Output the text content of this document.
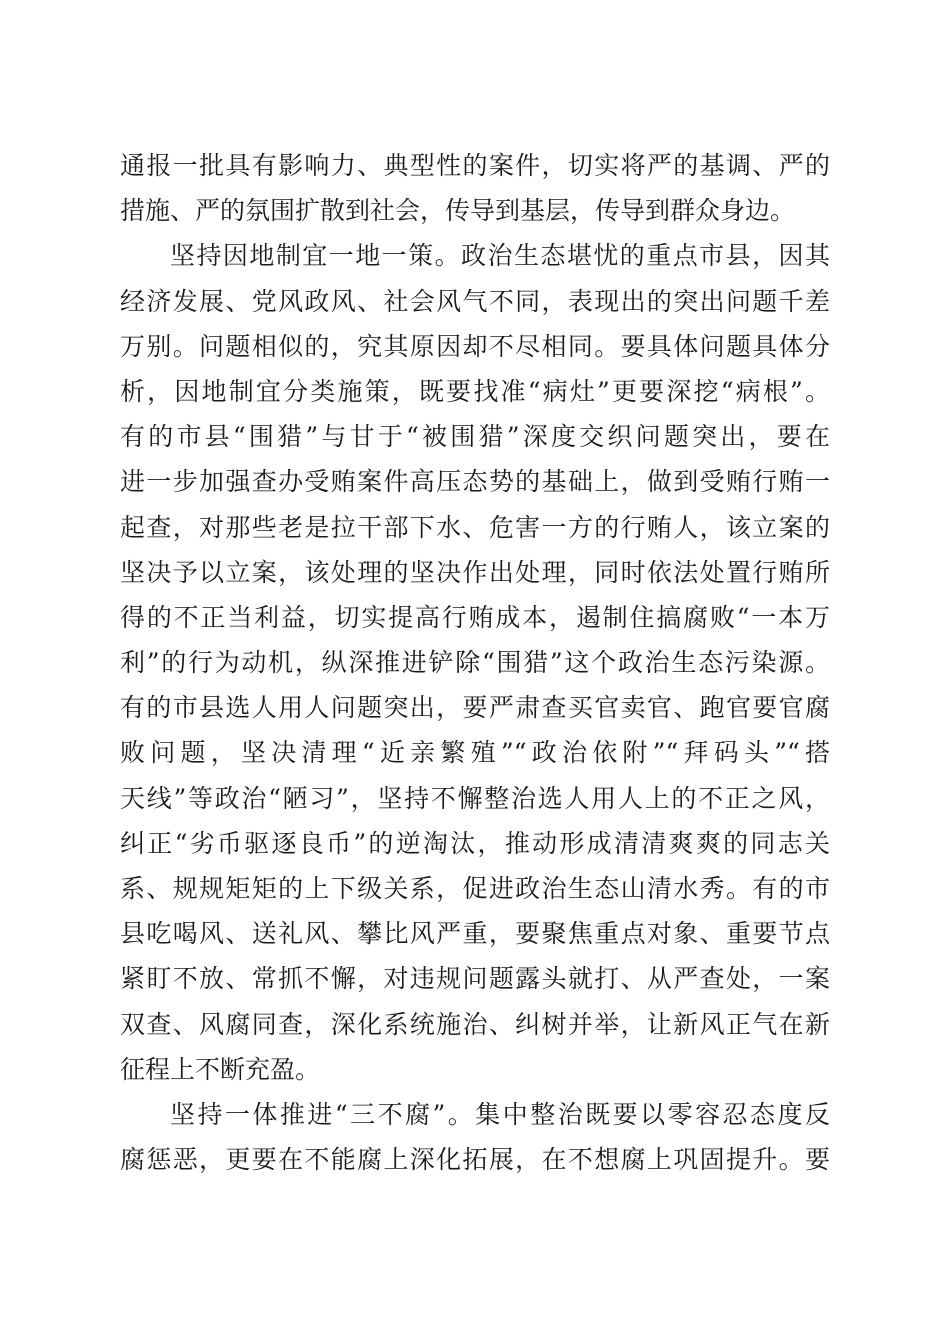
通报一批具有影响力、典型性的案件，切实将严的基调、严的
措施、严的氛围扩散到社会，传导到基层，传导到群众身边。
坚持因地制宜一地一策。政治生态堪忧的重点市县，因其
经济发展、党风政风、社会风气不同，表现出的突出问题千差
万别。问题相似的，究其原因却不尽相同。要具体问题具体分
析，因地制宜分类施策，既要找准“病灶”更要深挖“病根”。
有的市县“围猎”与甘于“被围猎”深度交织问题突出，要在
进一步加强查办受贿案件高压态势的基础上，做到受贿行贿一
起查，对那些老是拉干部下水、危害一方的行贿人，该立案的
坚决予以立案，该处理的坚决作出处理，同时依法处置行贿所
得的不正当利益，切实提高行贿成本，遏制住搞腐败“一本万
利”的行为动机，纵深推进铲除“围猎”这个政治生态污染源。
有的市县选人用人问题突出，要严肃查买官卖官、跑官要官腐
败问题，坚决清理“近亲繁殖”“政治依附”“拜码头”“搭
天线”等政治“陋习”，坚持不懈整治选人用人上的不正之风，
纠正“劣币驱逐良币”的逆淘汰，推动形成清清爽爽的同志关
系、规规矩矩的上下级关系，促进政治生态山清水秀。有的市
县吃喝风、送礼风、攀比风严重，要聚焦重点对象、重要节点
紧盯不放、常抓不懈，对违规问题露头就打、从严查处，一案
双查、风腐同查，深化系统施治、纠树并举，让新风正气在新
征程上不断充盈。
坚持一体推进“三不腐”。集中整治既要以零容忍态度反
腐惩恶，更要在不能腐上深化拓展，在不想腐上巩固提升。要
